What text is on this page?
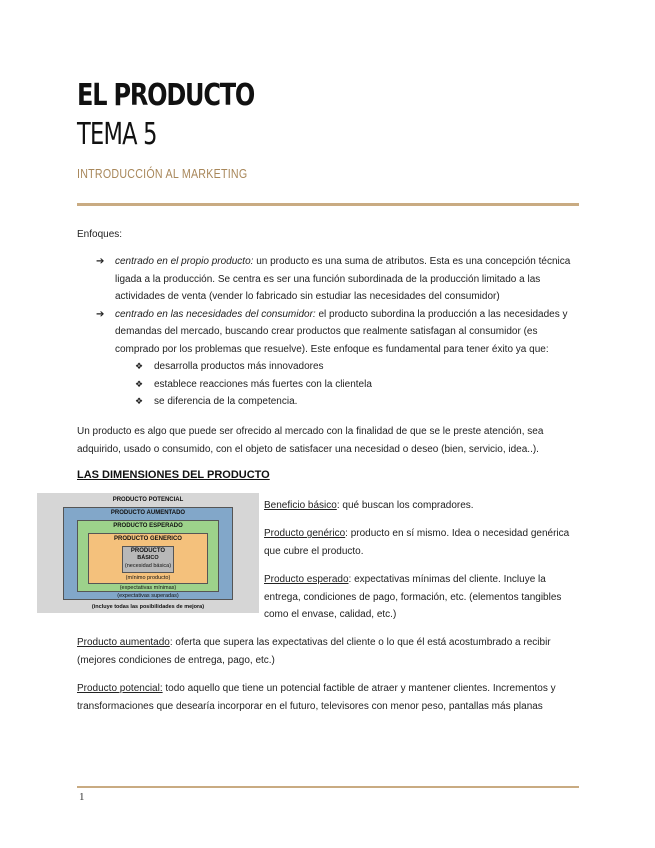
EL PRODUCTO
TEMA 5
INTRODUCCIÓN AL MARKETING
Enfoques:
➔ centrado en el propio producto: un producto es una suma de atributos. Esta es una concepción técnica ligada a la producción. Se centra es ser una función subordinada de la producción limitado a las actividades de venta (vender lo fabricado sin estudiar las necesidades del consumidor)
➔ centrado en las necesidades del consumidor: el producto subordina la producción a las necesidades y demandas del mercado, buscando crear productos que realmente satisfagan al consumidor (es comprado por los problemas que resuelve). Este enfoque es fundamental para tener éxito ya que:
❖ desarrolla productos más innovadores
❖ establece reacciones más fuertes con la clientela
❖ se diferencia de la competencia.
Un producto es algo que puede ser ofrecido al mercado con la finalidad de que se le preste atención, sea adquirido, usado o consumido, con el objeto de satisfacer una necesidad o deseo (bien, servicio, idea..).
LAS DIMENSIONES DEL PRODUCTO
PRODUCTO POTENCIAL
PRODUCTO AUMENTADO
PRODUCTO ESPERADO
PRODUCTO GENERICO
PRODUCTO
BÁSICO
(necesidad básica)
(mínimo producto)
(expectativas mínimas)
(expectativas superadas)
(incluye todas las posibilidades de mejora)
Beneficio básico: qué buscan los compradores.
Producto genérico: producto en sí mismo. Idea o necesidad genérica que cubre el producto.
Producto esperado: expectativas mínimas del cliente. Incluye la entrega, condiciones de pago, formación, etc. (elementos tangibles como el envase, calidad, etc.)
Producto aumentado: oferta que supera las expectativas del cliente o lo que él está acostumbrado a recibir (mejores condiciones de entrega, pago, etc.)
Producto potencial: todo aquello que tiene un potencial factible de atraer y mantener clientes. Incrementos y transformaciones que desearía incorporar en el futuro, televisores con menor peso, pantallas más planas
1
